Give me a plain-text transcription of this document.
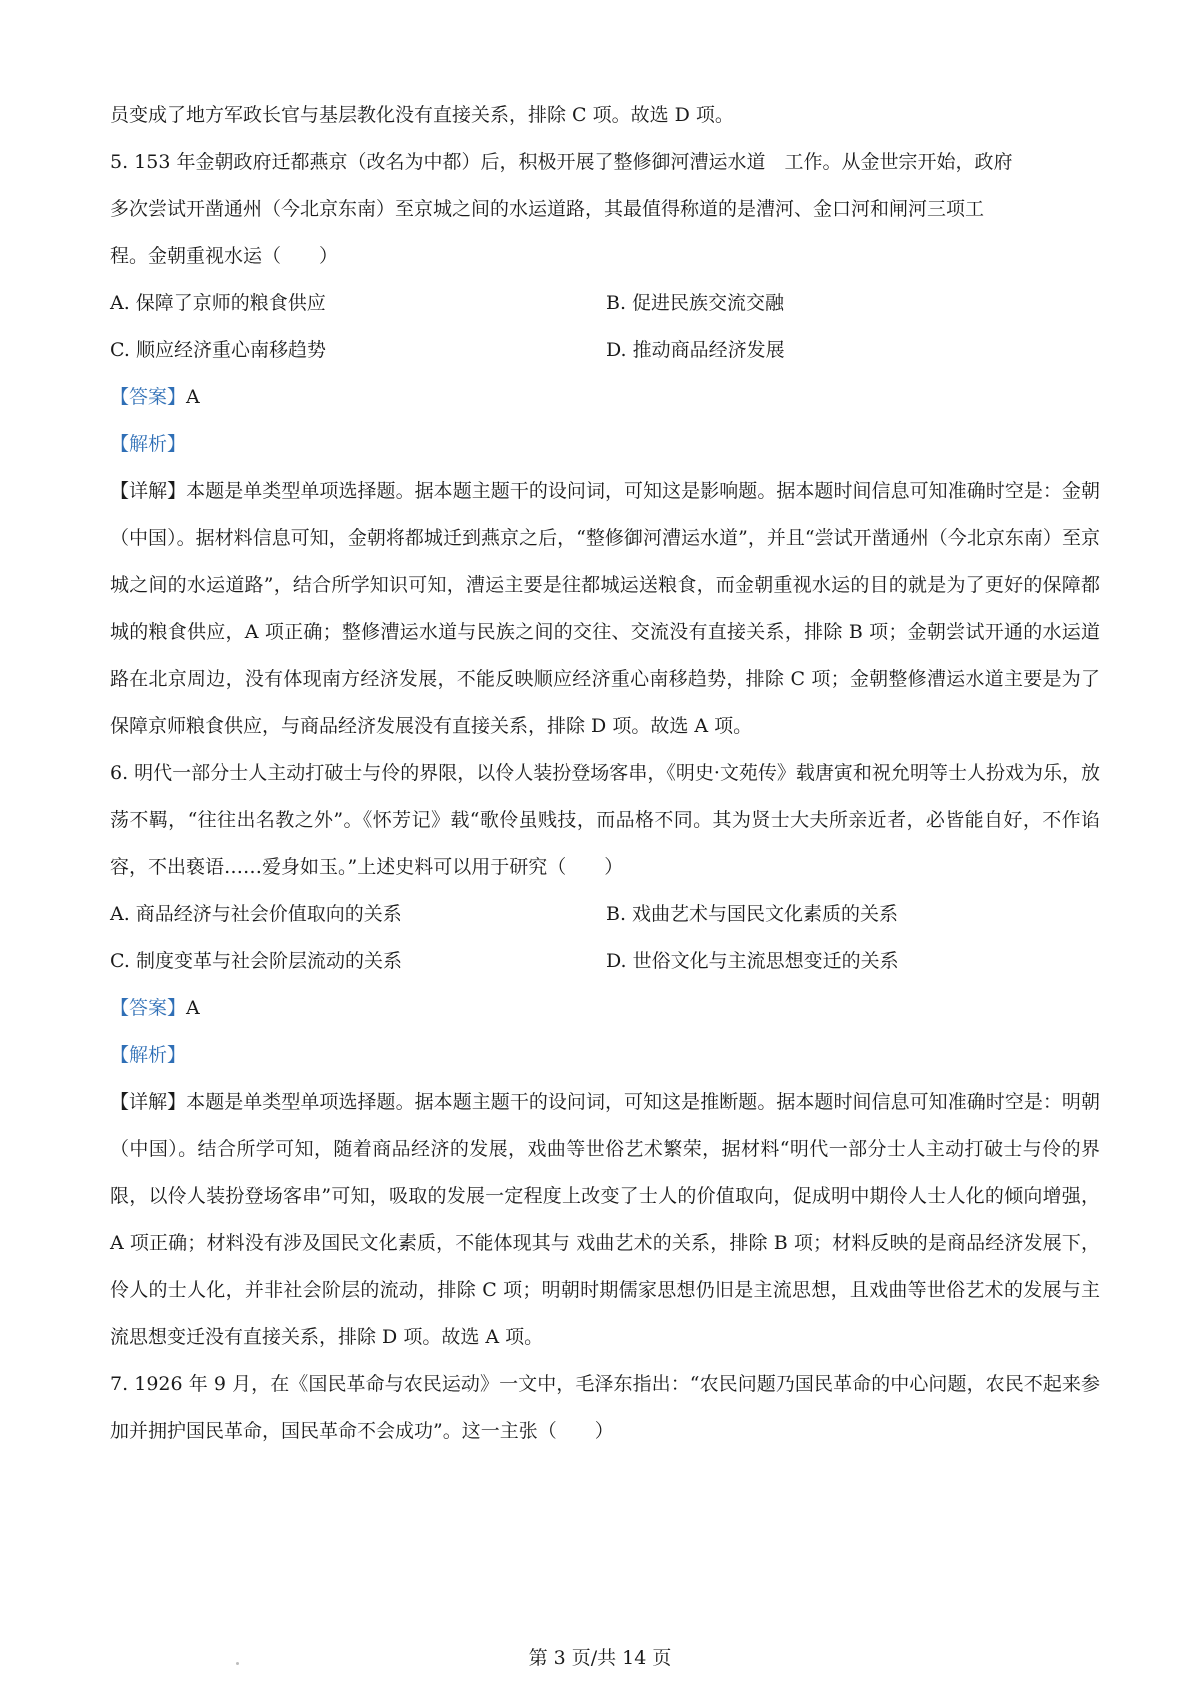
员变成了地方军政长官与基层教化没有直接关系，排除 C 项。故选 D 项。
5. 153 年金朝政府迁都燕京（改名为中都）后，积极开展了整修御河漕运水道　工作。从金世宗开始，政府
多次尝试开凿通州（今北京东南）至京城之间的水运道路，其最值得称道的是漕河、金口河和闸河三项工
程。金朝重视水运（　　）
A. 保障了京师的粮食供应	B. 促进民族交流交融
C. 顺应经济重心南移趋势	D. 推动商品经济发展
【答案】A
【解析】
【详解】本题是单类型单项选择题。据本题主题干的设问词，可知这是影响题。据本题时间信息可知准确时空是：金朝（中国）。据材料信息可知，金朝将都城迁到燕京之后，“整修御河漕运水道”，并且“尝试开凿通州（今北京东南）至京城之间的水运道路”，结合所学知识可知，漕运主要是往都城运送粮食，而金朝重视水运的目的就是为了更好的保障都城的粮食供应，A 项正确；整修漕运水道与民族之间的交往、交流没有直接关系，排除 B 项；金朝尝试开通的水运道路在北京周边，没有体现南方经济发展，不能反映顺应经济重心南移趋势，排除 C 项；金朝整修漕运水道主要是为了保障京师粮食供应，与商品经济发展没有直接关系，排除 D 项。故选 A 项。
6. 明代一部分士人主动打破士与伶的界限，以伶人装扮登场客串，《明史·文苑传》载唐寅和祝允明等士人扮戏为乐，放荡不羁，“往往出名教之外”。《怀芳记》载“歌伶虽贱技，而品格不同。其为贤士大夫所亲近者，必皆能自好，不作谄容，不出亵语……爱身如玉。”上述史料可以用于研究（　　）
A. 商品经济与社会价值取向的关系	B. 戏曲艺术与国民文化素质的关系
C. 制度变革与社会阶层流动的关系	D. 世俗文化与主流思想变迁的关系
【答案】A
【解析】
【详解】本题是单类型单项选择题。据本题主题干的设问词，可知这是推断题。据本题时间信息可知准确时空是：明朝（中国）。结合所学可知，随着商品经济的发展，戏曲等世俗艺术繁荣，据材料“明代一部分士人主动打破士与伶的界限，以伶人装扮登场客串”可知，吸取的发展一定程度上改变了士人的价值取向，促成明中期伶人士人化的倾向增强，A 项正确；材料没有涉及国民文化素质，不能体现其与 戏曲艺术的关系，排除 B 项；材料反映的是商品经济发展下，伶人的士人化，并非社会阶层的流动，排除 C 项；明朝时期儒家思想仍旧是主流思想，且戏曲等世俗艺术的发展与主流思想变迁没有直接关系，排除 D 项。故选 A 项。
7. 1926 年 9 月，在《国民革命与农民运动》一文中，毛泽东指出：“农民问题乃国民革命的中心问题，农民不起来参加并拥护国民革命，国民革命不会成功”。这一主张（　　）
第 3 页/共 14 页
